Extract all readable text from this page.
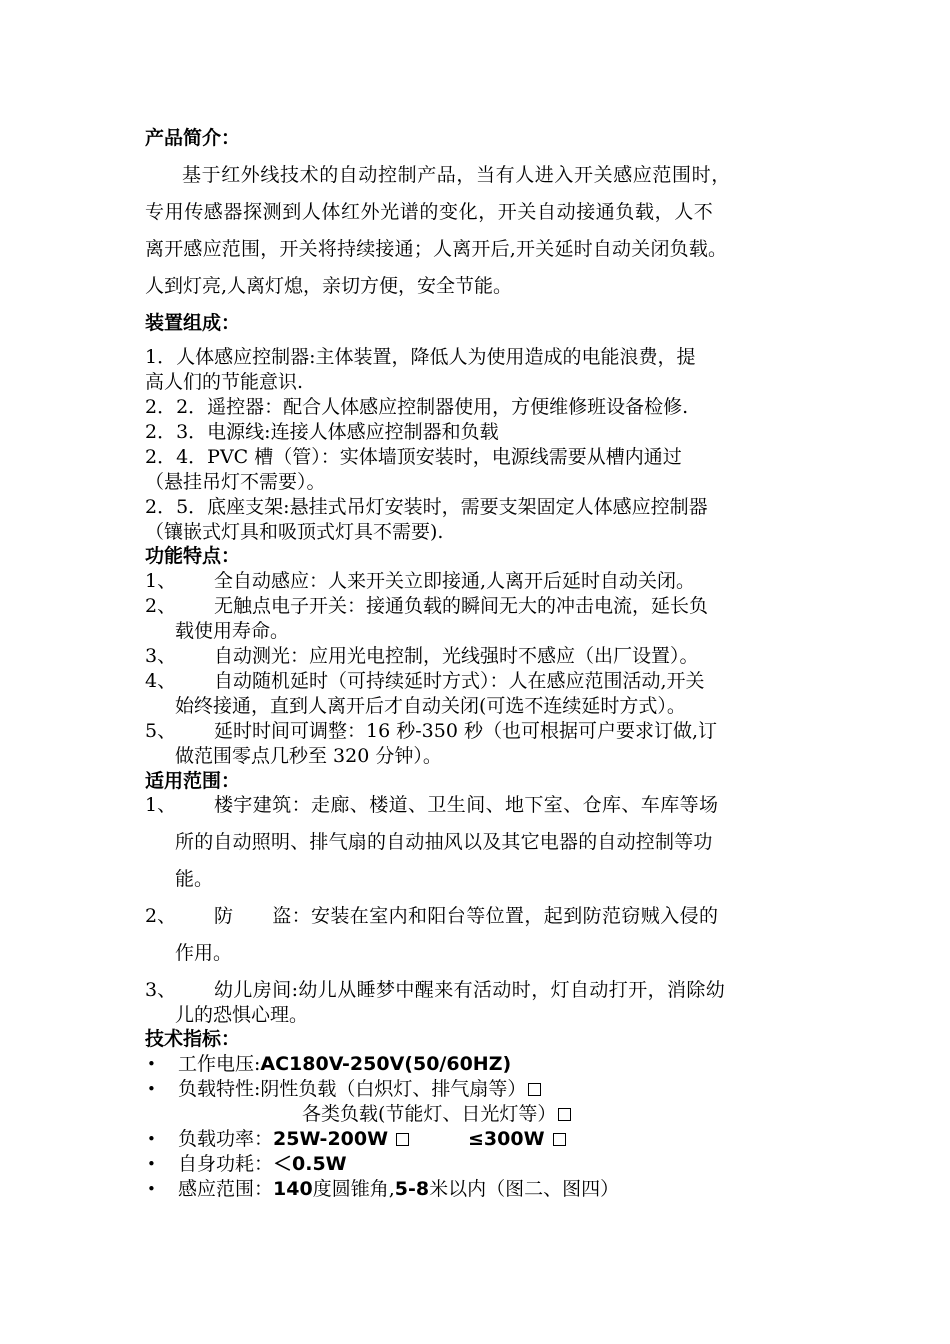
产品简介：
基于红外线技术的自动控制产品，当有人进入开关感应范围时，
专用传感器探测到人体红外光谱的变化，开关自动接通负载，人不
离开感应范围，开关将持续接通；人离开后,开关延时自动关闭负载。
人到灯亮,人离灯熄，亲切方便，安全节能。
装置组成：
1．人体感应控制器:主体装置，降低人为使用造成的电能浪费，提
高人们的节能意识.
2．2．遥控器：配合人体感应控制器使用，方便维修班设备检修.
2．3．电源线:连接人体感应控制器和负载
2．4．PVC 槽（管）：实体墙顶安装时，电源线需要从槽内通过
（悬挂吊灯不需要）。
2．5．底座支架:悬挂式吊灯安装时，需要支架固定人体感应控制器
（镶嵌式灯具和吸顶式灯具不需要).
功能特点：
1、 全自动感应：人来开关立即接通,人离开后延时自动关闭。
2、 无触点电子开关：接通负载的瞬间无大的冲击电流，延长负
载使用寿命。
3、 自动测光：应用光电控制，光线强时不感应（出厂设置）。
4、 自动随机延时（可持续延时方式）：人在感应范围活动,开关
始终接通，直到人离开后才自动关闭(可选不连续延时方式）。
5、 延时时间可调整：16 秒-350 秒（也可根据可户要求订做,订
做范围零点几秒至 320 分钟）。
适用范围：
1、 楼宇建筑：走廊、楼道、卫生间、地下室、仓库、车库等场
所的自动照明、排气扇的自动抽风以及其它电器的自动控制等功
能。
2、 防　　盗：安装在室内和阳台等位置，起到防范窃贼入侵的
作用。
3、 幼儿房间:幼儿从睡梦中醒来有活动时，灯自动打开，消除幼
儿的恐惧心理。
技术指标：
• 工作电压:AC180V-250V(50/60HZ)
• 负载特性:阴性负载（白炽灯、排气扇等）
各类负载(节能灯、日光灯等）
• 负载功率：25W-200W	≤300W
• 自身功耗：＜0.5W
• 感应范围：140度圆锥角,5-8米以内（图二、图四）
